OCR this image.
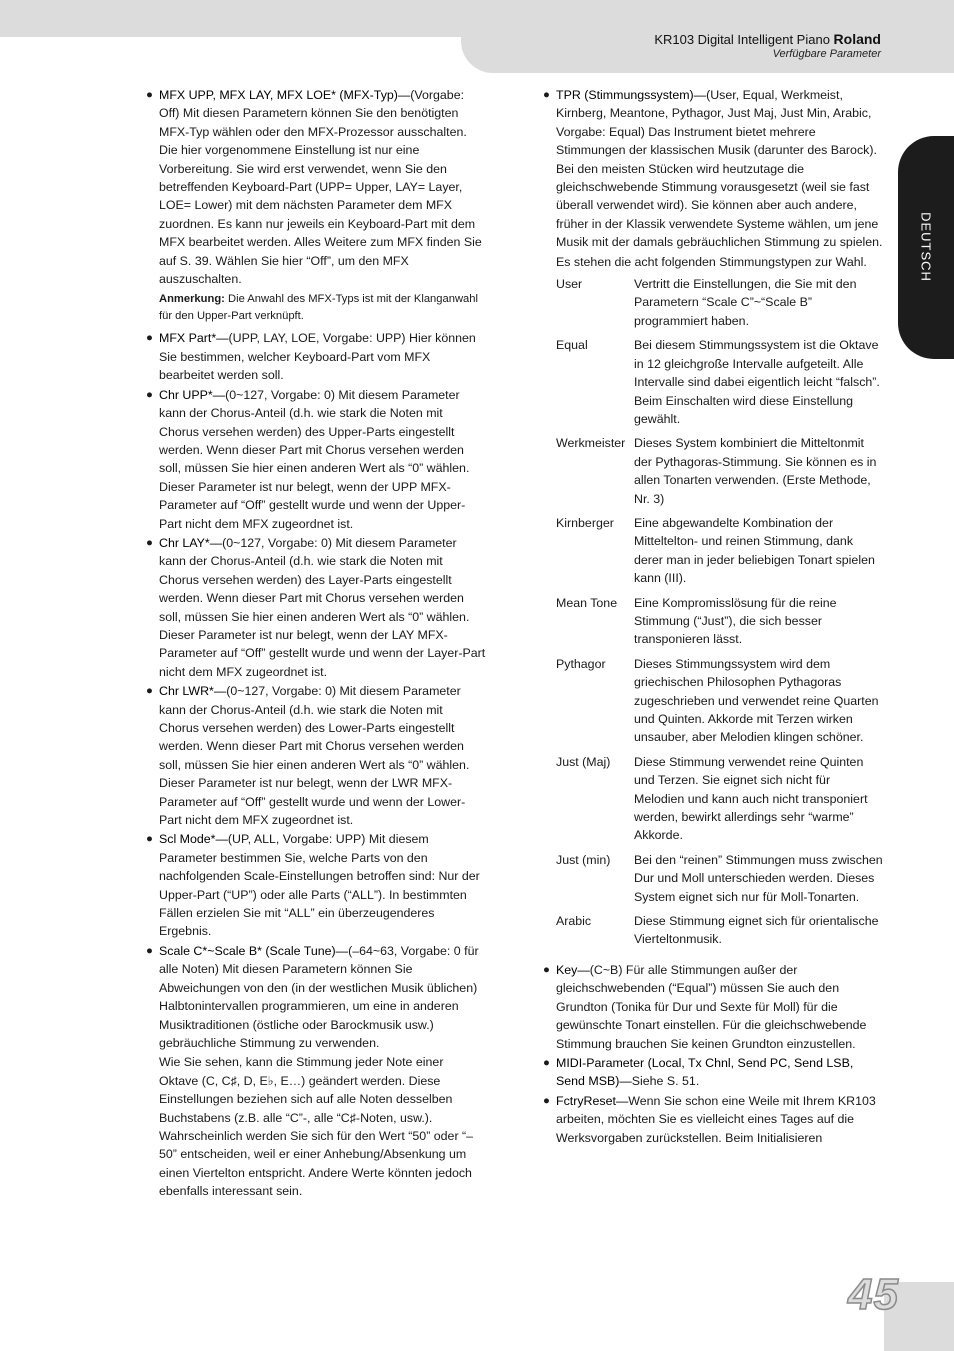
KR103 Digital Intelligent Piano Roland
Verfügbare Parameter
DEUTSCH
45
● MFX UPP, MFX LAY, MFX LOE* (MFX-Typ)—(Vorgabe: Off) Mit diesen Parametern können Sie den benötigten MFX-Typ wählen oder den MFX-Prozessor ausschalten. Die hier vorgenommene Einstellung ist nur eine Vorbereitung. Sie wird erst verwendet, wenn Sie den betreffenden Keyboard-Part (UPP= Upper, LAY= Layer, LOE= Lower) mit dem nächsten Parameter dem MFX zuordnen. Es kann nur jeweils ein Keyboard-Part mit dem MFX bearbeitet werden. Alles Weitere zum MFX finden Sie auf S. 39. Wählen Sie hier “Off”, um den MFX auszuschalten.
Anmerkung: Die Anwahl des MFX-Typs ist mit der Klanganwahl für den Upper-Part verknüpft.
● MFX Part*—(UPP, LAY, LOE, Vorgabe: UPP) Hier können Sie bestimmen, welcher Keyboard-Part vom MFX bearbeitet werden soll.
● Chr UPP*—(0~127, Vorgabe: 0) Mit diesem Parameter kann der Chorus-Anteil (d.h. wie stark die Noten mit Chorus versehen werden) des Upper-Parts eingestellt werden. Wenn dieser Part mit Chorus versehen werden soll, müssen Sie hier einen anderen Wert als “0” wählen. Dieser Parameter ist nur belegt, wenn der UPP MFX-Parameter auf “Off” gestellt wurde und wenn der Upper-Part nicht dem MFX zugeordnet ist.
● Chr LAY*—(0~127, Vorgabe: 0) Mit diesem Parameter kann der Chorus-Anteil (d.h. wie stark die Noten mit Chorus versehen werden) des Layer-Parts eingestellt werden. Wenn dieser Part mit Chorus versehen werden soll, müssen Sie hier einen anderen Wert als “0” wählen. Dieser Parameter ist nur belegt, wenn der LAY MFX-Parameter auf “Off” gestellt wurde und wenn der Layer-Part nicht dem MFX zugeordnet ist.
● Chr LWR*—(0~127, Vorgabe: 0) Mit diesem Parameter kann der Chorus-Anteil (d.h. wie stark die Noten mit Chorus versehen werden) des Lower-Parts eingestellt werden. Wenn dieser Part mit Chorus versehen werden soll, müssen Sie hier einen anderen Wert als “0” wählen. Dieser Parameter ist nur belegt, wenn der LWR MFX-Parameter auf “Off” gestellt wurde und wenn der Lower-Part nicht dem MFX zugeordnet ist.
● Scl Mode*—(UP, ALL, Vorgabe: UPP) Mit diesem Parameter bestimmen Sie, welche Parts von den nachfolgenden Scale-Einstellungen betroffen sind: Nur der Upper-Part (“UP”) oder alle Parts (“ALL”). In bestimmten Fällen erzielen Sie mit “ALL” ein überzeugenderes Ergebnis.
● Scale C*~Scale B* (Scale Tune)—(–64~63, Vorgabe: 0 für alle Noten) Mit diesen Parametern können Sie Abweichungen von den (in der westlichen Musik üblichen) Halbtonintervallen programmieren, um eine in anderen Musiktraditionen (östliche oder Barockmusik usw.) gebräuchliche Stimmung zu verwenden.

Wie Sie sehen, kann die Stimmung jeder Note einer Oktave (C, C♯, D, E♭, E…) geändert werden. Diese Einstellungen beziehen sich auf alle Noten desselben Buchstabens (z.B. alle “C”-, alle “C♯-Noten, usw.). Wahrscheinlich werden Sie sich für den Wert “50” oder “–50” entscheiden, weil er einer Anhebung/Absenkung um einen Viertelton entspricht. Andere Werte könnten jedoch ebenfalls interessant sein.

● TPR (Stimmungssystem)—(User, Equal, Werkmeist, Kirnberg, Meantone, Pythagor, Just Maj, Just Min, Arabic, Vorgabe: Equal) Das Instrument bietet mehrere Stimmungen der klassischen Musik (darunter des Barock). Bei den meisten Stücken wird heutzutage die gleichschwebende Stimmung vorausgesetzt (weil sie fast überall verwendet wird). Sie können aber auch andere, früher in der Klassik verwendete Systeme wählen, um jene Musik mit der damals gebräuchlichen Stimmung zu spielen.

Es stehen die acht folgenden Stimmungstypen zur Wahl.

User	Vertritt die Einstellungen, die Sie mit den Parametern “Scale C”~“Scale B” programmiert haben.
Equal	Bei diesem Stimmungssystem ist die Oktave in 12 gleichgroße Intervalle aufgeteilt. Alle Intervalle sind dabei eigentlich leicht “falsch”. Beim Einschalten wird diese Einstellung gewählt.
Werkmeister	Dieses System kombiniert die Mitteltonmit der Pythagoras-Stimmung. Sie können es in allen Tonarten verwenden. (Erste Methode, Nr. 3)
Kirnberger	Eine abgewandelte Kombination der Mitteltelton- und reinen Stimmung, dank derer man in jeder beliebigen Tonart spielen kann (III).
Mean Tone	Eine Kompromisslösung für die reine Stimmung (“Just”), die sich besser transponieren lässt.
Pythagor	Dieses Stimmungssystem wird dem griechischen Philosophen Pythagoras zugeschrieben und verwendet reine Quarten und Quinten. Akkorde mit Terzen wirken unsauber, aber Melodien klingen schöner.
Just (Maj)	Diese Stimmung verwendet reine Quinten und Terzen. Sie eignet sich nicht für Melodien und kann auch nicht transponiert werden, bewirkt allerdings sehr “warme” Akkorde.
Just (min)	Bei den “reinen” Stimmungen muss zwischen Dur und Moll unterschieden werden. Dieses System eignet sich nur für Moll-Tonarten.
Arabic	Diese Stimmung eignet sich für orientalische Vierteltonmusik.
● Key—(C~B) Für alle Stimmungen außer der gleichschwebenden (“Equal”) müssen Sie auch den Grundton (Tonika für Dur und Sexte für Moll) für die gewünschte Tonart einstellen. Für die gleichschwebende Stimmung brauchen Sie keinen Grundton einzustellen.
● MIDI-Parameter (Local, Tx Chnl, Send PC, Send LSB, Send MSB)—Siehe S. 51.
● FctryReset—Wenn Sie schon eine Weile mit Ihrem KR103 arbeiten, möchten Sie es vielleicht eines Tages auf die Werksvorgaben zurückstellen. Beim Initialisieren
